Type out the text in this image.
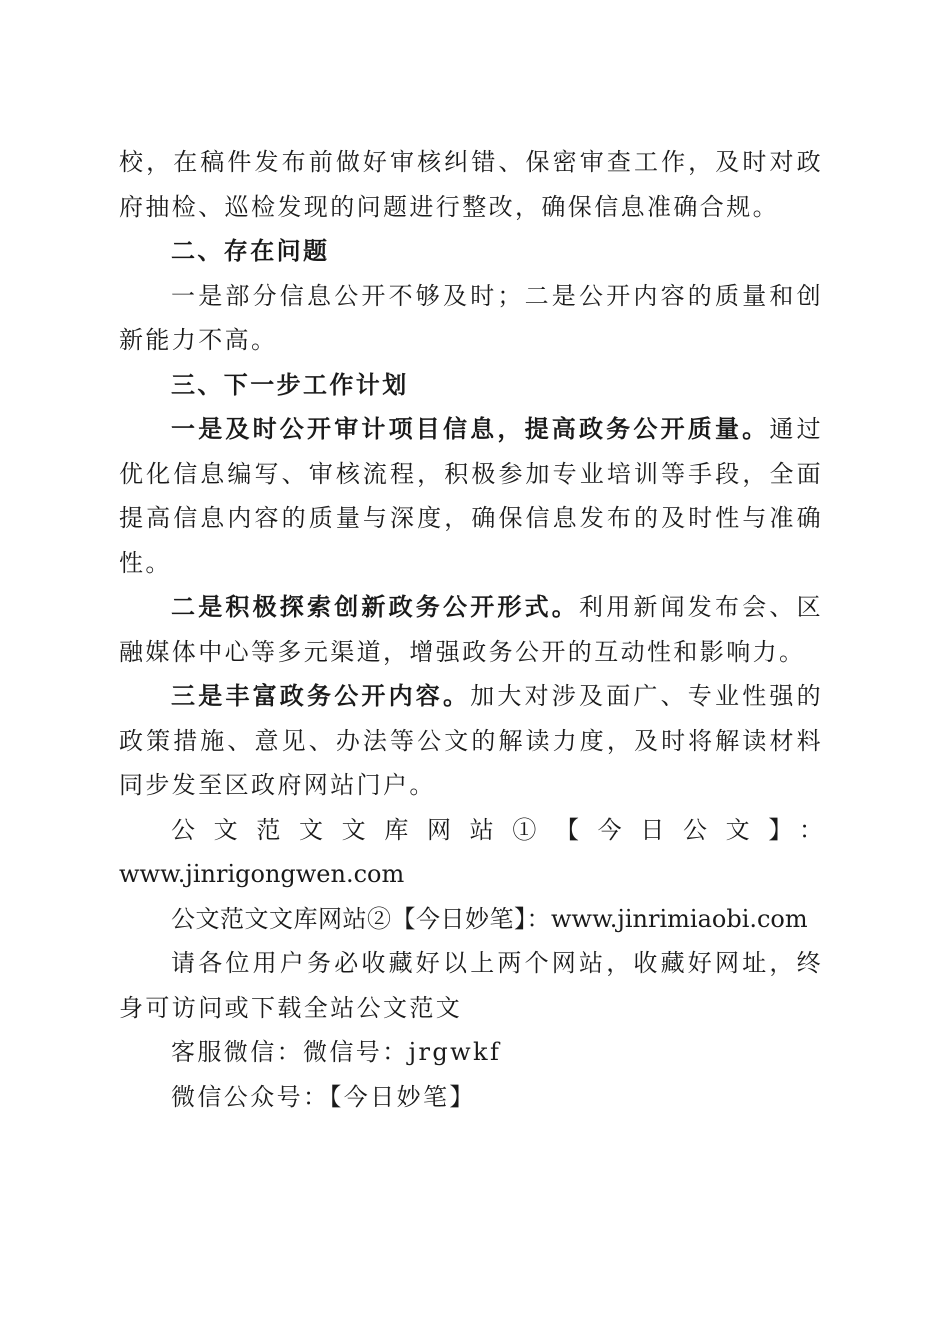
校，在稿件发布前做好审核纠错、保密审查工作，及时对政府抽检、巡检发现的问题进行整改，确保信息准确合规。

二、存在问题

一是部分信息公开不够及时；二是公开内容的质量和创新能力不高。

三、下一步工作计划

一是及时公开审计项目信息，提高政务公开质量。通过优化信息编写、审核流程，积极参加专业培训等手段，全面提高信息内容的质量与深度，确保信息发布的及时性与准确性。

二是积极探索创新政务公开形式。利用新闻发布会、区融媒体中心等多元渠道，增强政务公开的互动性和影响力。

三是丰富政务公开内容。加大对涉及面广、专业性强的政策措施、意见、办法等公文的解读力度，及时将解读材料同步发至区政府网站门户。

公文范文文库网站①【今日公文】：

www.jinrigongwen.com

公文范文文库网站②【今日妙笔】：www.jinrimiaobi.com

请各位用户务必收藏好以上两个网站，收藏好网址，终身可访问或下载全站公文范文

客服微信：微信号：jrgwkf

微信公众号：【今日妙笔】
